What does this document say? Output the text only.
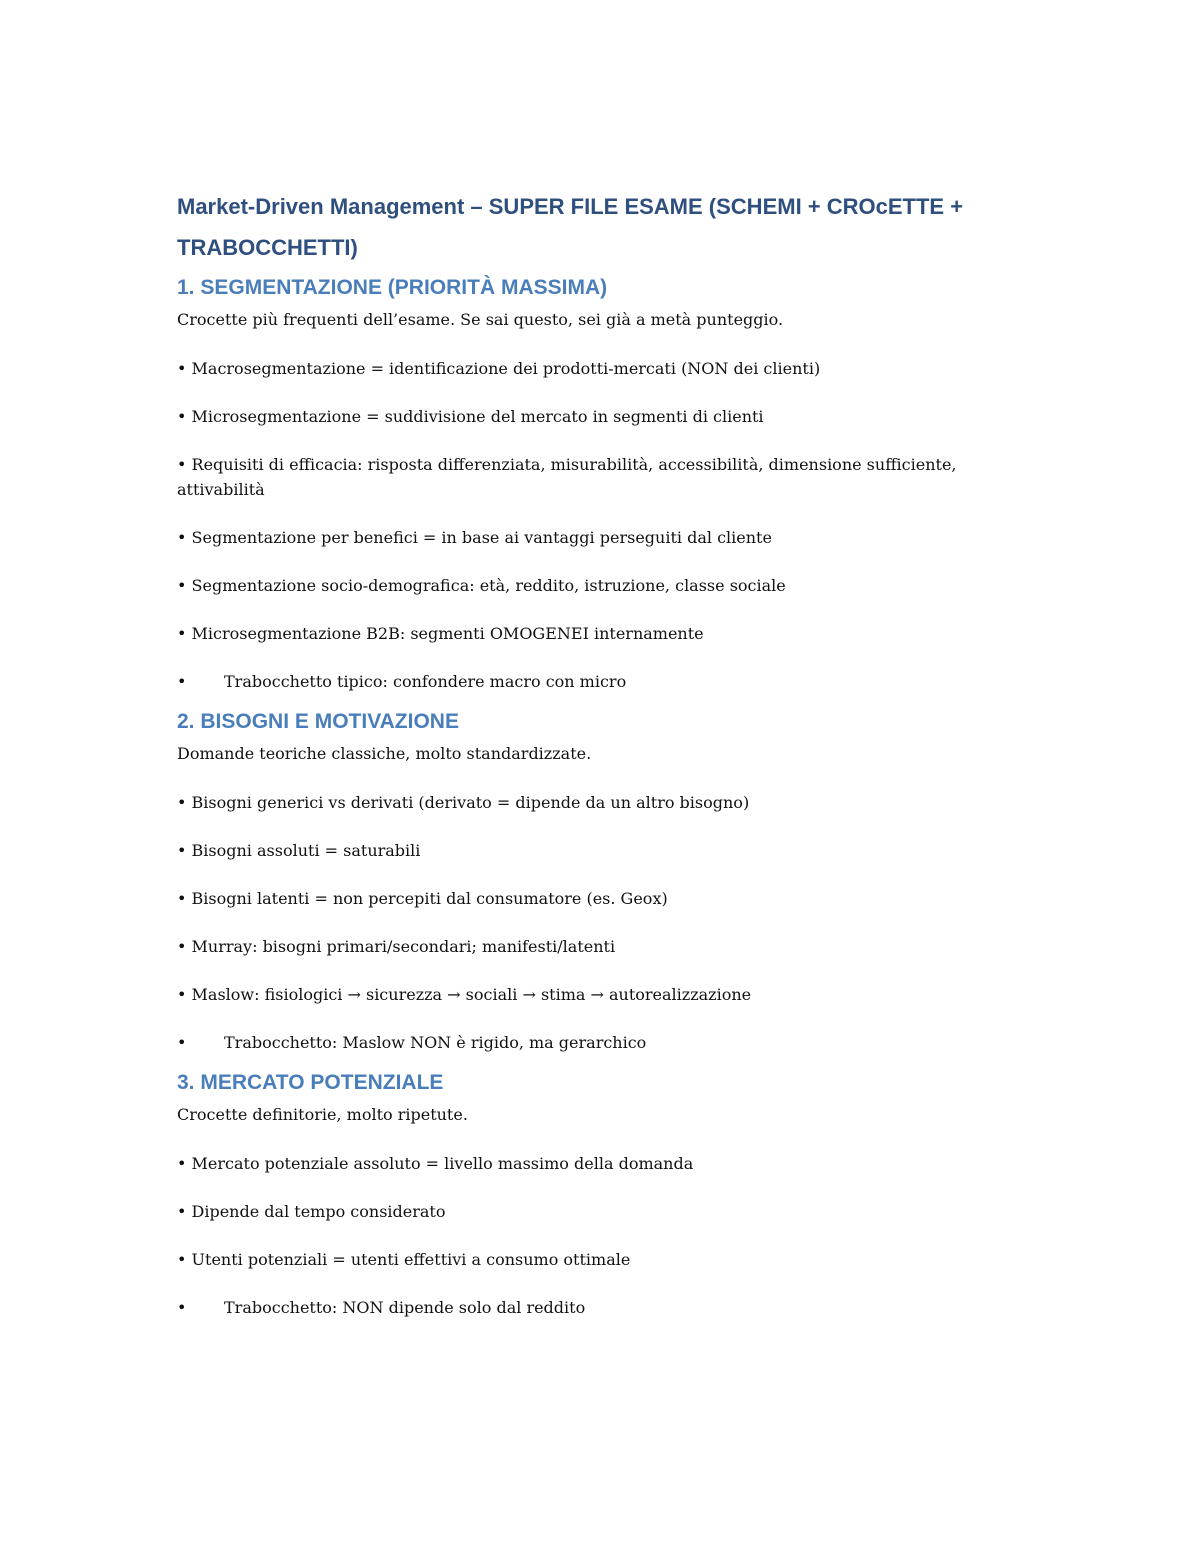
Market-Driven Management – SUPER FILE ESAME (SCHEMI + CROcETTE + TRABOCCHETTI)
1. SEGMENTAZIONE (PRIORITÀ MASSIMA)
Crocette più frequenti dell’esame. Se sai questo, sei già a metà punteggio.
• Macrosegmentazione = identificazione dei prodotti-mercati (NON dei clienti)
• Microsegmentazione = suddivisione del mercato in segmenti di clienti
• Requisiti di efficacia: risposta differenziata, misurabilità, accessibilità, dimensione sufficiente, attivabilità
• Segmentazione per benefici = in base ai vantaggi perseguiti dal cliente
• Segmentazione socio-demografica: età, reddito, istruzione, classe sociale
• Microsegmentazione B2B: segmenti OMOGENEI internamente
•	Trabocchetto tipico: confondere macro con micro
2. BISOGNI E MOTIVAZIONE
Domande teoriche classiche, molto standardizzate.
• Bisogni generici vs derivati (derivato = dipende da un altro bisogno)
• Bisogni assoluti = saturabili
• Bisogni latenti = non percepiti dal consumatore (es. Geox)
• Murray: bisogni primari/secondari; manifesti/latenti
• Maslow: fisiologici → sicurezza → sociali → stima → autorealizzazione
•	Trabocchetto: Maslow NON è rigido, ma gerarchico
3. MERCATO POTENZIALE
Crocette definitorie, molto ripetute.
• Mercato potenziale assoluto = livello massimo della domanda
• Dipende dal tempo considerato
• Utenti potenziali = utenti effettivi a consumo ottimale
•	Trabocchetto: NON dipende solo dal reddito
